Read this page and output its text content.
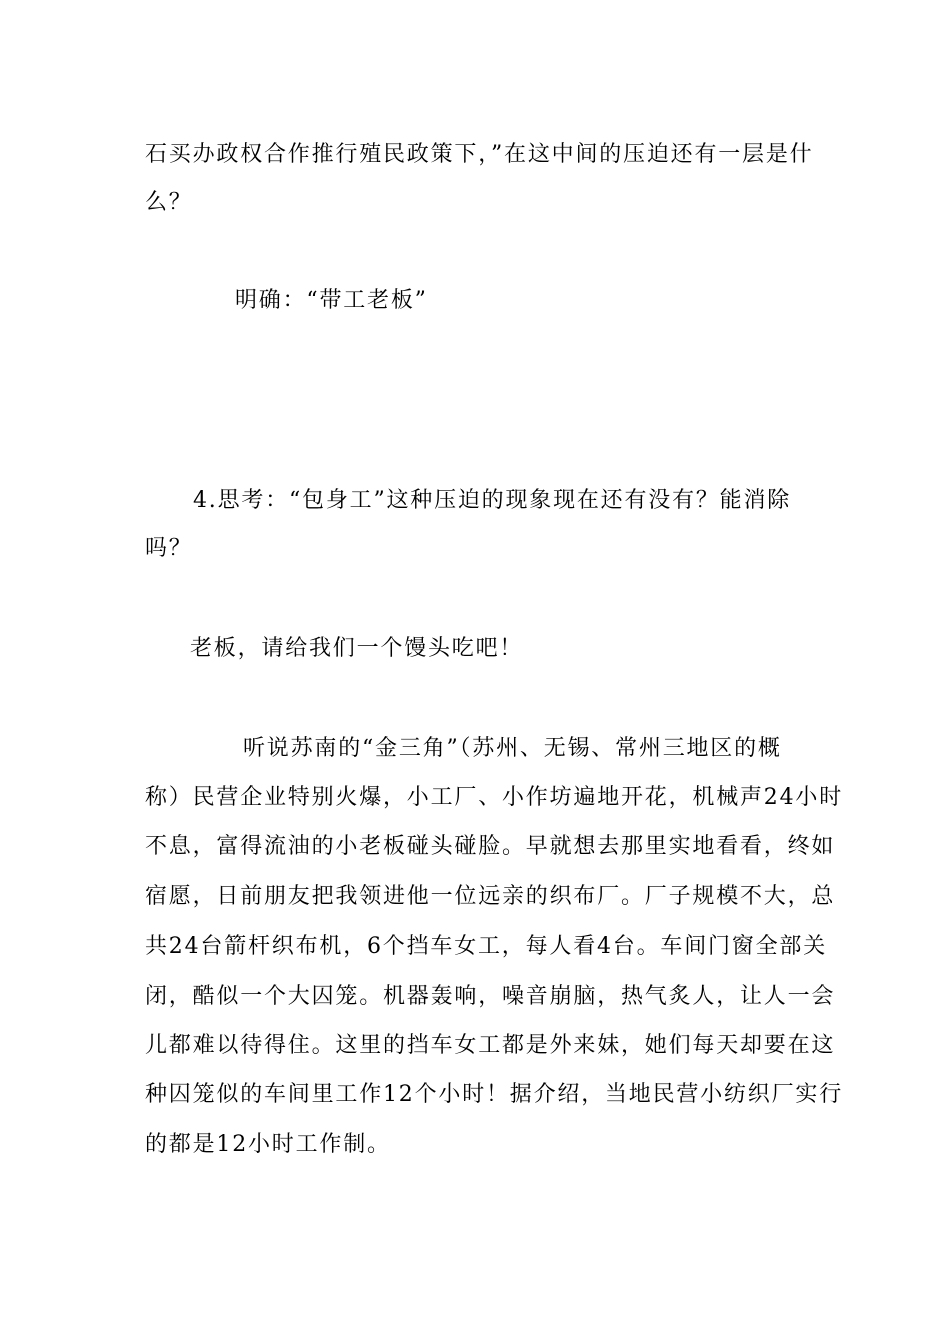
石买办政权合作推行殖民政策下，”在这中间的压迫还有一层是什
么？
明确：“带工老板”
4.思考：“包身工”这种压迫的现象现在还有没有？能消除
吗？
老板，请给我们一个馒头吃吧！
听说苏南的“金三角”（苏州、无锡、常州三地区的概
称）民营企业特别火爆，小工厂、小作坊遍地开花，机械声24小时
不息，富得流油的小老板碰头碰脸。早就想去那里实地看看，终如
宿愿，日前朋友把我领进他一位远亲的织布厂。厂子规模不大，总
共24台箭杆织布机，6个挡车女工，每人看4台。车间门窗全部关
闭，酷似一个大囚笼。机器轰响，噪音崩脑，热气炙人，让人一会
儿都难以待得住。这里的挡车女工都是外来妹，她们每天却要在这
种囚笼似的车间里工作12个小时！据介绍，当地民营小纺织厂实行
的都是12小时工作制。
